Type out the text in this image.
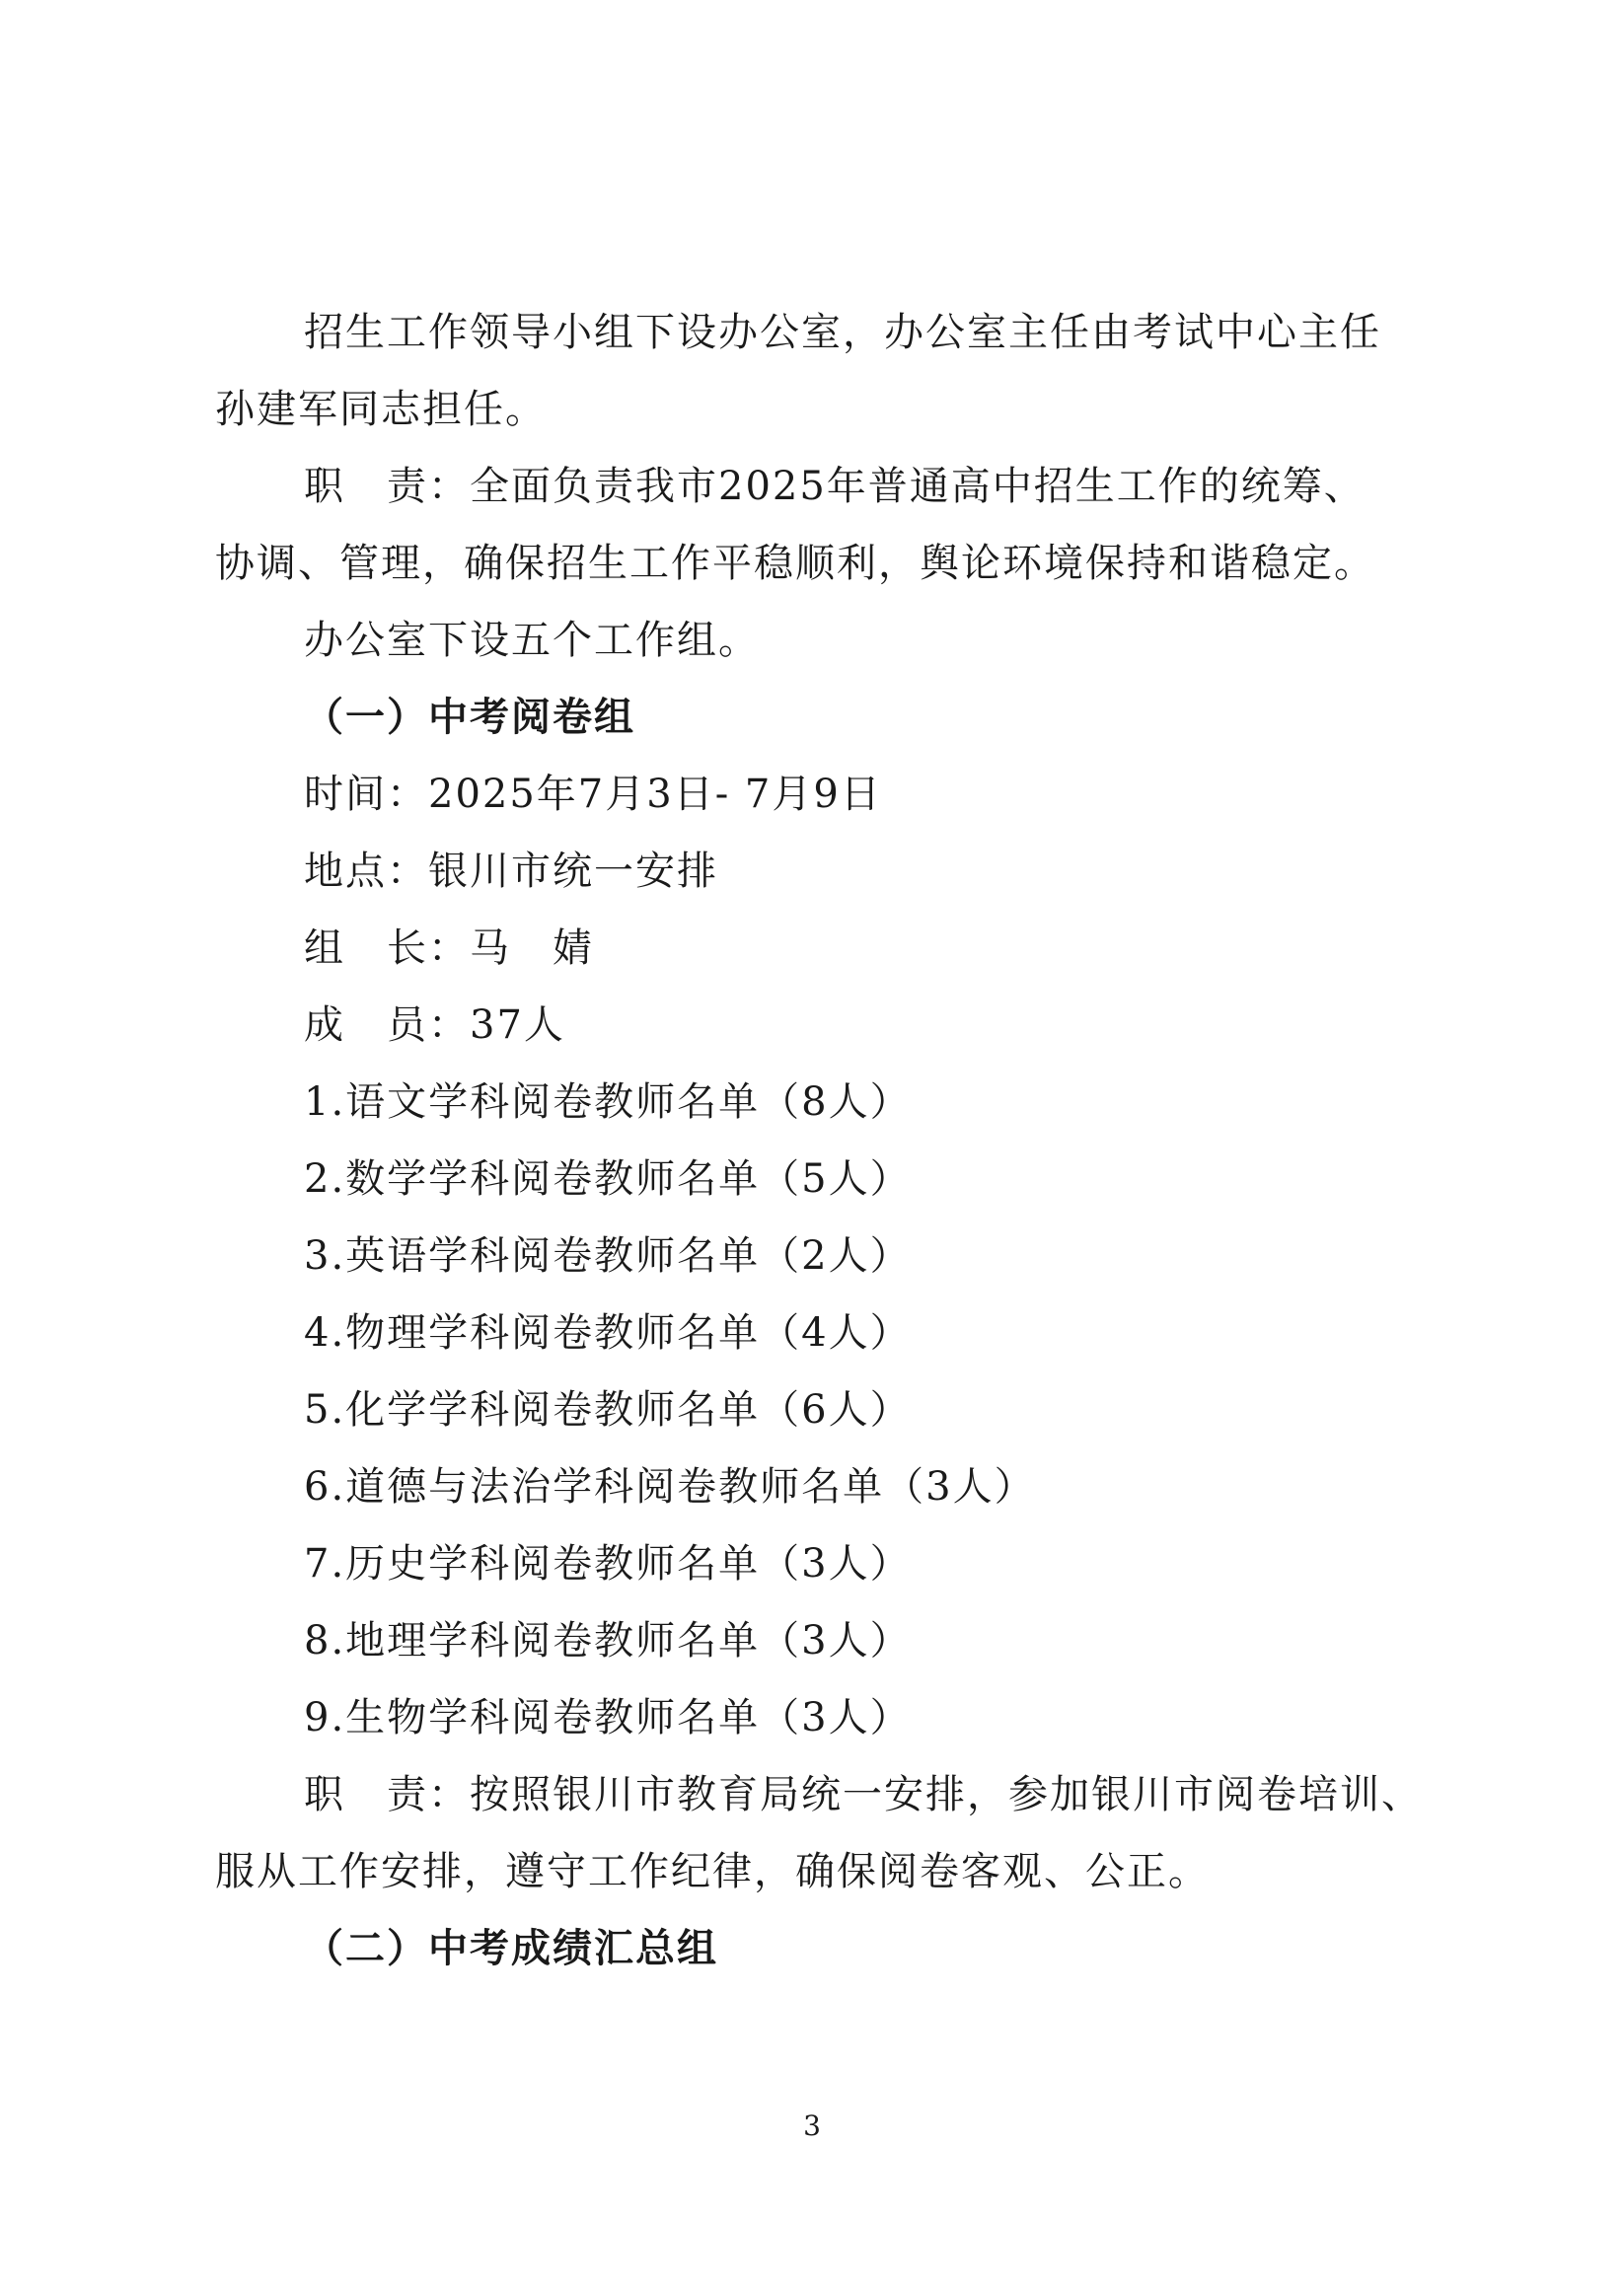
招生工作领导小组下设办公室，办公室主任由考试中心主任
孙建军同志担任。
职　责：全面负责我市2025年普通高中招生工作的统筹、
协调、管理，确保招生工作平稳顺利，舆论环境保持和谐稳定。
办公室下设五个工作组。
（一）中考阅卷组
时间：2025年7月3日- 7月9日
地点：银川市统一安排
组　长：马　婧
成　员：37人
1.语文学科阅卷教师名单（8人）
2.数学学科阅卷教师名单（5人）
3.英语学科阅卷教师名单（2人）
4.物理学科阅卷教师名单（4人）
5.化学学科阅卷教师名单（6人）
6.道德与法治学科阅卷教师名单（3人）
7.历史学科阅卷教师名单（3人）
8.地理学科阅卷教师名单（3人）
9.生物学科阅卷教师名单（3人）
职　责：按照银川市教育局统一安排，参加银川市阅卷培训、
服从工作安排，遵守工作纪律，确保阅卷客观、公正。
（二）中考成绩汇总组
3
